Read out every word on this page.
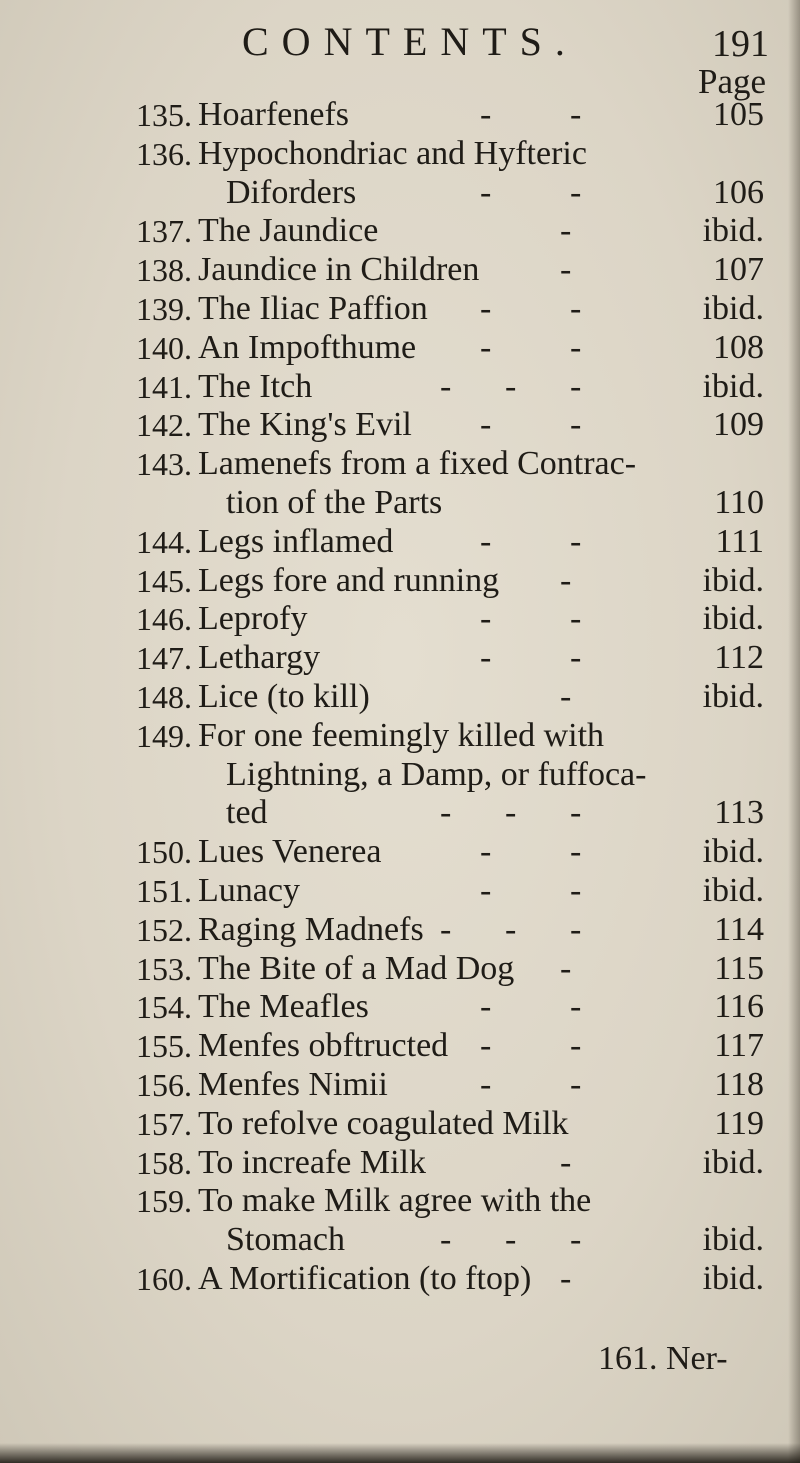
CONTENTS.	191
Page
135. Hoarfenefs	- -	105
136. Hypochondriac and Hyfteric
Diforders	- -	106
137. The Jaundice	-	ibid.
138. Jaundice in Children -	107
139. The Iliac Paffion - -	ibid.
140. An Impofthume - -	108
141. The Itch	- - -	ibid.
142. The King's Evil - -	109
143. Lamenefs from a fixed Contrac-
tion of the Parts	110
144. Legs inflamed	- -	111
145. Legs fore and running -	ibid.
146. Leprofy	- -	ibid.
147. Lethargy	- -	112
148. Lice (to kill)	-	ibid.
149. For one feemingly killed with
Lightning, a Damp, or fuffoca-
ted	- - -	113
150. Lues Venerea	- -	ibid.
151. Lunacy	- -	ibid.
152. Raging Madnefs - - -	114
153. The Bite of a Mad Dog -	115
154. The Meafles	- -	116
155. Menfes obftructed - -	117
156. Menfes Nimii	- -	118
157. To refolve coagulated Milk	119
158. To increafe Milk	-	ibid.
159. To make Milk agree with the
Stomach	- - -	ibid.
160. A Mortification (to ftop) -	ibid.
161. Ner-
